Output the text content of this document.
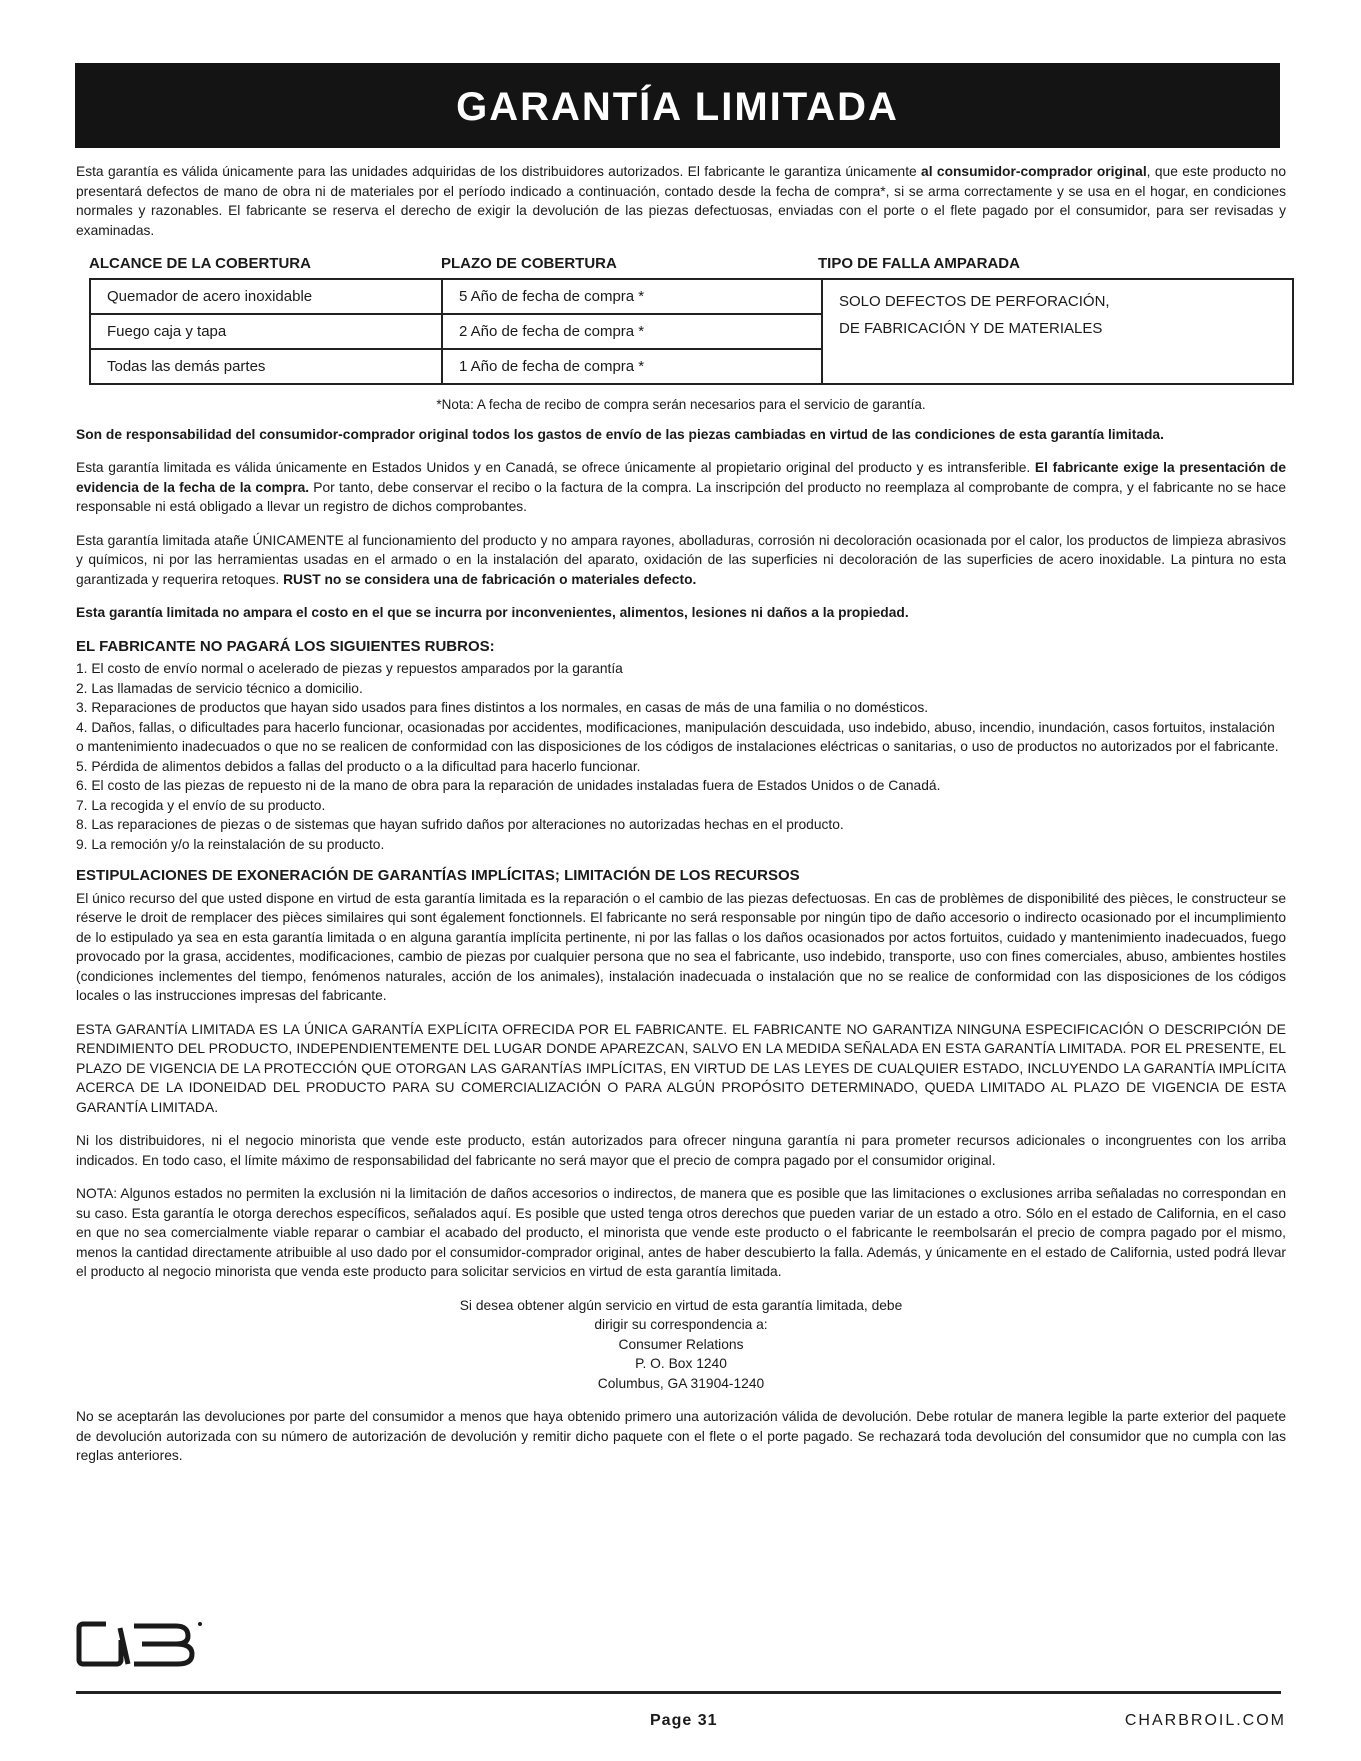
GARANTÍA LIMITADA

Esta garantía es válida únicamente para las unidades adquiridas de los distribuidores autorizados. El fabricante le garantiza únicamente al consumidor-comprador original, que este producto no presentará defectos de mano de obra ni de materiales por el período indicado a continuación, contado desde la fecha de compra*, si se arma correctamente y se usa en el hogar, en condiciones normales y razonables. El fabricante se reserva el derecho de exigir la devolución de las piezas defectuosas, enviadas con el porte o el flete pagado por el consumidor, para ser revisadas y examinadas.

ALCANCE DE LA COBERTURA	PLAZO DE COBERTURA	TIPO DE FALLA AMPARADA
Quemador de acero inoxidable	5 Año de fecha de compra *	SOLO DEFECTOS DE PERFORACIÓN,
DE FABRICACIÓN Y DE MATERIALES

Fuego caja y tapa	2 Año de fecha de compra *	
Todas las demás partes	1 Año de fecha de compra *	
*Nota: A fecha de recibo de compra serán necesarios para el servicio de garantía.

Son de responsabilidad del consumidor-comprador original todos los gastos de envío de las piezas cambiadas en virtud de las condiciones de esta garantía limitada.

Esta garantía limitada es válida únicamente en Estados Unidos y en Canadá, se ofrece únicamente al propietario original del producto y es intransferible. El fabricante exige la presentación de evidencia de la fecha de la compra. Por tanto, debe conservar el recibo o la factura de la compra. La inscripción del producto no reemplaza al comprobante de compra, y el fabricante no se hace responsable ni está obligado a llevar un registro de dichos comprobantes.

Esta garantía limitada atañe ÚNICAMENTE al funcionamiento del producto y no ampara rayones, abolladuras, corrosión ni decoloración ocasionada por el calor, los productos de limpieza abrasivos y químicos, ni por las herramientas usadas en el armado o en la instalación del aparato, oxidación de las superficies ni decoloración de las superficies de acero inoxidable. La pintura no esta garantizada y requerira retoques. RUST no se considera una de fabricación o materiales defecto.

Esta garantía limitada no ampara el costo en el que se incurra por inconvenientes, alimentos, lesiones ni daños a la propiedad.

EL FABRICANTE NO PAGARÁ LOS SIGUIENTES RUBROS:
1. El costo de envío normal o acelerado de piezas y repuestos amparados por la garantía
2. Las llamadas de servicio técnico a domicilio.
3. Reparaciones de productos que hayan sido usados para fines distintos a los normales, en casas de más de una familia o no domésticos.
4. Daños, fallas, o dificultades para hacerlo funcionar, ocasionadas por accidentes, modificaciones, manipulación descuidada, uso indebido, abuso, incendio, inundación, casos fortuitos, instalación o mantenimiento inadecuados o que no se realicen de conformidad con las disposiciones de los códigos de instalaciones eléctricas o sanitarias, o uso de productos no autorizados por el fabricante.
5. Pérdida de alimentos debidos a fallas del producto o a la dificultad para hacerlo funcionar.
6. El costo de las piezas de repuesto ni de la mano de obra para la reparación de unidades instaladas fuera de Estados Unidos o de Canadá.
7. La recogida y el envío de su producto.
8. Las reparaciones de piezas o de sistemas que hayan sufrido daños por alteraciones no autorizadas hechas en el producto.
9. La remoción y/o la reinstalación de su producto.
ESTIPULACIONES DE EXONERACIÓN DE GARANTÍAS IMPLÍCITAS; LIMITACIÓN DE LOS RECURSOS

El único recurso del que usted dispone en virtud de esta garantía limitada es la reparación o el cambio de las piezas defectuosas. En cas de problèmes de disponibilité des pièces, le constructeur se réserve le droit de remplacer des pièces similaires qui sont également fonctionnels. El fabricante no será responsable por ningún tipo de daño accesorio o indirecto ocasionado por el incumplimiento de lo estipulado ya sea en esta garantía limitada o en alguna garantía implícita pertinente, ni por las fallas o los daños ocasionados por actos fortuitos, cuidado y mantenimiento inadecuados, fuego provocado por la grasa, accidentes, modificaciones, cambio de piezas por cualquier persona que no sea el fabricante, uso indebido, transporte, uso con fines comerciales, abuso, ambientes hostiles (condiciones inclementes del tiempo, fenómenos naturales, acción de los animales), instalación inadecuada o instalación que no se realice de conformidad con las disposiciones de los códigos locales o las instrucciones impresas del fabricante.

ESTA GARANTÍA LIMITADA ES LA ÚNICA GARANTÍA EXPLÍCITA OFRECIDA POR EL FABRICANTE. EL FABRICANTE NO GARANTIZA NINGUNA ESPECIFICACIÓN O DESCRIPCIÓN DE RENDIMIENTO DEL PRODUCTO, INDEPENDIENTEMENTE DEL LUGAR DONDE APAREZCAN, SALVO EN LA MEDIDA SEÑALADA EN ESTA GARANTÍA LIMITADA. POR EL PRESENTE, EL PLAZO DE VIGENCIA DE LA PROTECCIÓN QUE OTORGAN LAS GARANTÍAS IMPLÍCITAS, EN VIRTUD DE LAS LEYES DE CUALQUIER ESTADO, INCLUYENDO LA GARANTÍA IMPLÍCITA ACERCA DE LA IDONEIDAD DEL PRODUCTO PARA SU COMERCIALIZACIÓN O PARA ALGÚN PROPÓSITO DETERMINADO, QUEDA LIMITADO AL PLAZO DE VIGENCIA DE ESTA GARANTÍA LIMITADA.

Ni los distribuidores, ni el negocio minorista que vende este producto, están autorizados para ofrecer ninguna garantía ni para prometer recursos adicionales o incongruentes con los arriba indicados. En todo caso, el límite máximo de responsabilidad del fabricante no será mayor que el precio de compra pagado por el consumidor original.

NOTA: Algunos estados no permiten la exclusión ni la limitación de daños accesorios o indirectos, de manera que es posible que las limitaciones o exclusiones arriba señaladas no correspondan en su caso. Esta garantía le otorga derechos específicos, señalados aquí. Es posible que usted tenga otros derechos que pueden variar de un estado a otro. Sólo en el estado de California, en el caso en que no sea comercialmente viable reparar o cambiar el acabado del producto, el minorista que vende este producto o el fabricante le reembolsarán el precio de compra pagado por el mismo, menos la cantidad directamente atribuible al uso dado por el consumidor-comprador original, antes de haber descubierto la falla. Además, y únicamente en el estado de California, usted podrá llevar el producto al negocio minorista que venda este producto para solicitar servicios en virtud de esta garantía limitada.

Si desea obtener algún servicio en virtud de esta garantía limitada, debe
dirigir su correspondencia a:
Consumer Relations
P. O. Box 1240
Columbus, GA 31904-1240

No se aceptarán las devoluciones por parte del consumidor a menos que haya obtenido primero una autorización válida de devolución. Debe rotular de manera legible la parte exterior del paquete de devolución autorizada con su número de autorización de devolución y remitir dicho paquete con el flete o el porte pagado. Se rechazará toda devolución del consumidor que no cumpla con las reglas anteriores.

Page 31	CHARBROIL.COM
